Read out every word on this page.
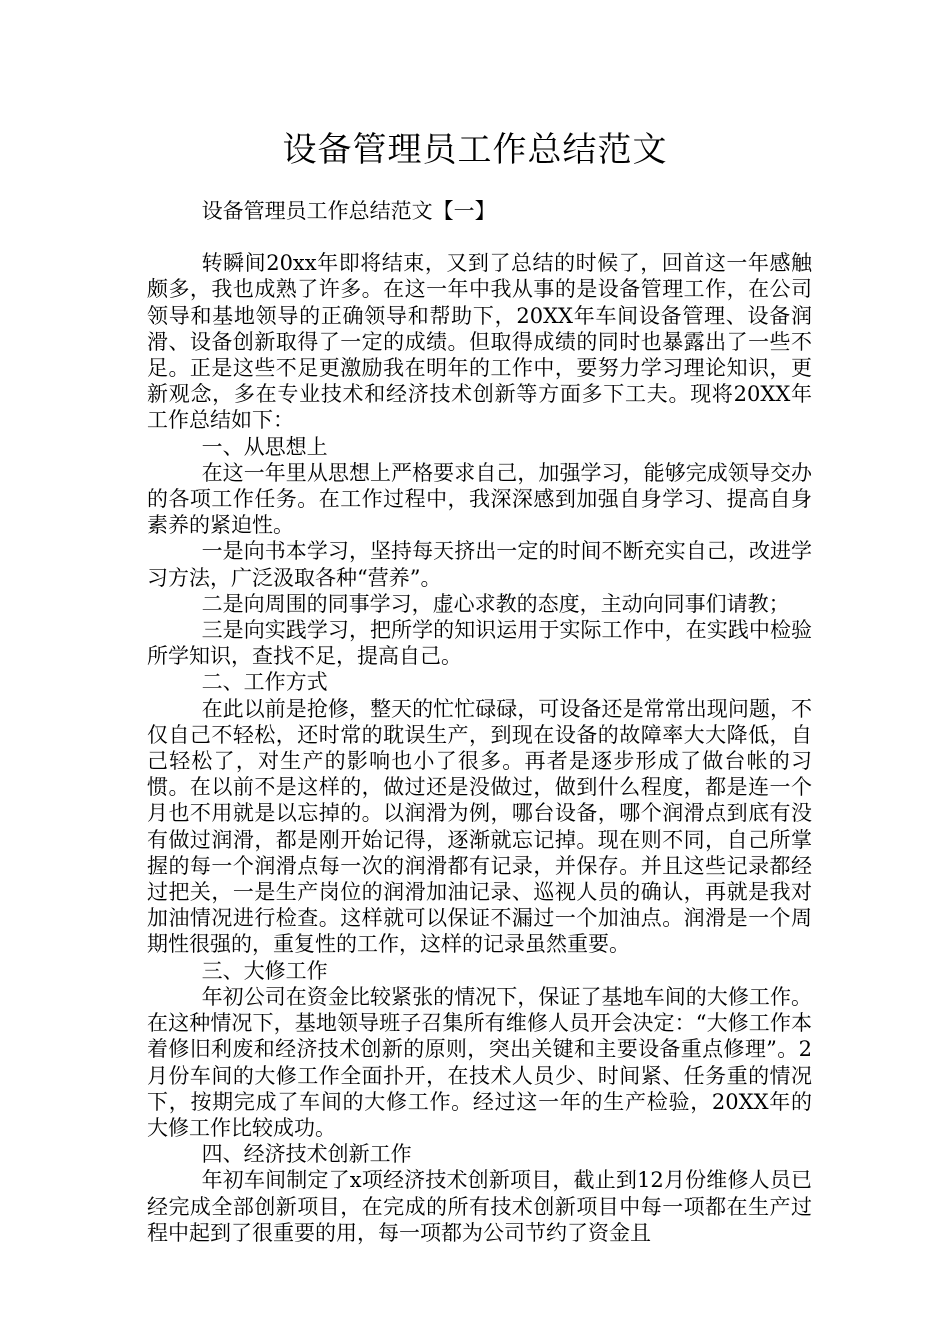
设备管理员工作总结范文

设备管理员工作总结范文【一】

转瞬间20xx年即将结束，又到了总结的时候了，回首这一年感触颇多，我也成熟了许多。在这一年中我从事的是设备管理工作，在公司领导和基地领导的正确领导和帮助下，20XX年车间设备管理、设备润滑、设备创新取得了一定的成绩。但取得成绩的同时也暴露出了一些不足。正是这些不足更激励我在明年的工作中，要努力学习理论知识，更新观念，多在专业技术和经济技术创新等方面多下工夫。现将20XX年工作总结如下：

一、从思想上

在这一年里从思想上严格要求自己，加强学习，能够完成领导交办的各项工作任务。在工作过程中，我深深感到加强自身学习、提高自身素养的紧迫性。

一是向书本学习，坚持每天挤出一定的时间不断充实自己，改进学习方法，广泛汲取各种“营养”。

二是向周围的同事学习，虚心求教的态度，主动向同事们请教；

三是向实践学习，把所学的知识运用于实际工作中，在实践中检验所学知识，查找不足，提高自己。

二、工作方式

在此以前是抢修，整天的忙忙碌碌，可设备还是常常出现问题，不仅自己不轻松，还时常的耽误生产，到现在设备的故障率大大降低，自己轻松了，对生产的影响也小了很多。再者是逐步形成了做台帐的习惯。在以前不是这样的，做过还是没做过，做到什么程度，都是连一个月也不用就是以忘掉的。以润滑为例，哪台设备，哪个润滑点到底有没有做过润滑，都是刚开始记得，逐渐就忘记掉。现在则不同，自己所掌握的每一个润滑点每一次的润滑都有记录，并保存。并且这些记录都经过把关，一是生产岗位的润滑加油记录、巡视人员的确认，再就是我对加油情况进行检查。这样就可以保证不漏过一个加油点。润滑是一个周期性很强的，重复性的工作，这样的记录虽然重要。

三、大修工作

年初公司在资金比较紧张的情况下，保证了基地车间的大修工作。在这种情况下，基地领导班子召集所有维修人员开会决定：“大修工作本着修旧利废和经济技术创新的原则，突出关键和主要设备重点修理”。2月份车间的大修工作全面扑开，在技术人员少、时间紧、任务重的情况下，按期完成了车间的大修工作。经过这一年的生产检验，20XX年的大修工作比较成功。

四、经济技术创新工作

年初车间制定了x项经济技术创新项目，截止到12月份维修人员已经完成全部创新项目，在完成的所有技术创新项目中每一项都在生产过程中起到了很重要的用，每一项都为公司节约了资金且
